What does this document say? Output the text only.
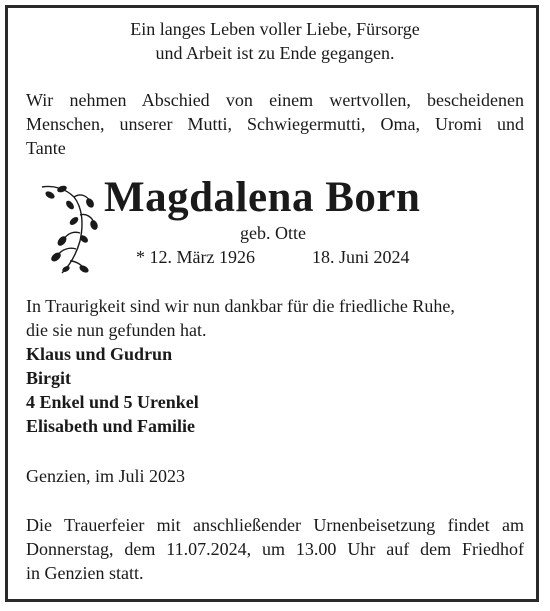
Ein langes Leben voller Liebe, Fürsorge
und Arbeit ist zu Ende gegangen.
Wir nehmen Abschied von einem wertvollen, bescheidenen
Menschen, unserer Mutti, Schwiegermutti, Oma, Uromi und
Tante
Magdalena Born
geb. Otte
* 12. März 1926	18. Juni 2024
In Traurigkeit sind wir nun dankbar für die friedliche Ruhe,
die sie nun gefunden hat.
Klaus und Gudrun
Birgit
4 Enkel und 5 Urenkel
Elisabeth und Familie
Genzien, im Juli 2023
Die Trauerfeier mit anschließender Urnenbeisetzung findet am
Donnerstag, dem 11.07.2024, um 13.00 Uhr auf dem Friedhof
in Genzien statt.
